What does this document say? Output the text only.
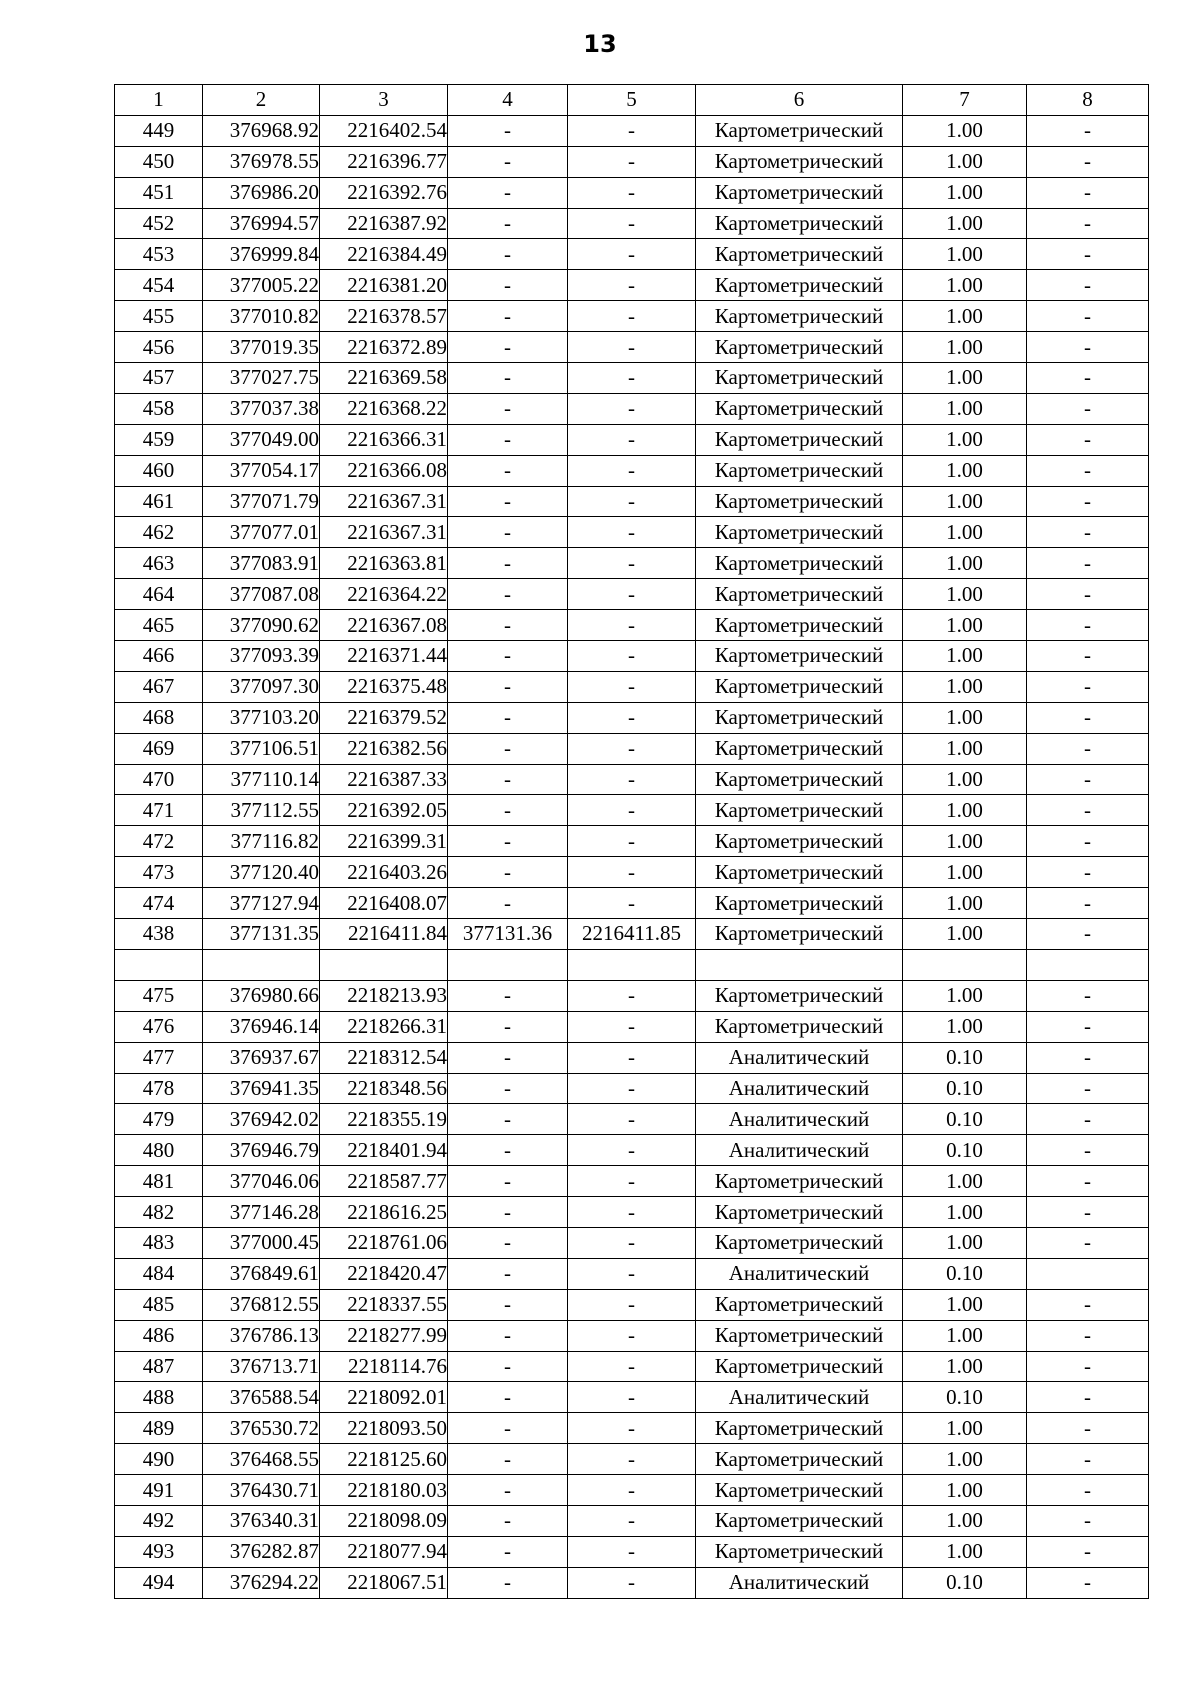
13
1	2	3	4	5	6	7	8
449	376968.92	2216402.54	-	-	Картометрический	1.00	-
450	376978.55	2216396.77	-	-	Картометрический	1.00	-
451	376986.20	2216392.76	-	-	Картометрический	1.00	-
452	376994.57	2216387.92	-	-	Картометрический	1.00	-
453	376999.84	2216384.49	-	-	Картометрический	1.00	-
454	377005.22	2216381.20	-	-	Картометрический	1.00	-
455	377010.82	2216378.57	-	-	Картометрический	1.00	-
456	377019.35	2216372.89	-	-	Картометрический	1.00	-
457	377027.75	2216369.58	-	-	Картометрический	1.00	-
458	377037.38	2216368.22	-	-	Картометрический	1.00	-
459	377049.00	2216366.31	-	-	Картометрический	1.00	-
460	377054.17	2216366.08	-	-	Картометрический	1.00	-
461	377071.79	2216367.31	-	-	Картометрический	1.00	-
462	377077.01	2216367.31	-	-	Картометрический	1.00	-
463	377083.91	2216363.81	-	-	Картометрический	1.00	-
464	377087.08	2216364.22	-	-	Картометрический	1.00	-
465	377090.62	2216367.08	-	-	Картометрический	1.00	-
466	377093.39	2216371.44	-	-	Картометрический	1.00	-
467	377097.30	2216375.48	-	-	Картометрический	1.00	-
468	377103.20	2216379.52	-	-	Картометрический	1.00	-
469	377106.51	2216382.56	-	-	Картометрический	1.00	-
470	377110.14	2216387.33	-	-	Картометрический	1.00	-
471	377112.55	2216392.05	-	-	Картометрический	1.00	-
472	377116.82	2216399.31	-	-	Картометрический	1.00	-
473	377120.40	2216403.26	-	-	Картометрический	1.00	-
474	377127.94	2216408.07	-	-	Картометрический	1.00	-
438	377131.35	2216411.84	377131.36	2216411.85	Картометрический	1.00	-

475	376980.66	2218213.93	-	-	Картометрический	1.00	-
476	376946.14	2218266.31	-	-	Картометрический	1.00	-
477	376937.67	2218312.54	-	-	Аналитический	0.10	-
478	376941.35	2218348.56	-	-	Аналитический	0.10	-
479	376942.02	2218355.19	-	-	Аналитический	0.10	-
480	376946.79	2218401.94	-	-	Аналитический	0.10	-
481	377046.06	2218587.77	-	-	Картометрический	1.00	-
482	377146.28	2218616.25	-	-	Картометрический	1.00	-
483	377000.45	2218761.06	-	-	Картометрический	1.00	-
484	376849.61	2218420.47	-	-	Аналитический	0.10	
485	376812.55	2218337.55	-	-	Картометрический	1.00	-
486	376786.13	2218277.99	-	-	Картометрический	1.00	-
487	376713.71	2218114.76	-	-	Картометрический	1.00	-
488	376588.54	2218092.01	-	-	Аналитический	0.10	-
489	376530.72	2218093.50	-	-	Картометрический	1.00	-
490	376468.55	2218125.60	-	-	Картометрический	1.00	-
491	376430.71	2218180.03	-	-	Картометрический	1.00	-
492	376340.31	2218098.09	-	-	Картометрический	1.00	-
493	376282.87	2218077.94	-	-	Картометрический	1.00	-
494	376294.22	2218067.51	-	-	Аналитический	0.10	-
